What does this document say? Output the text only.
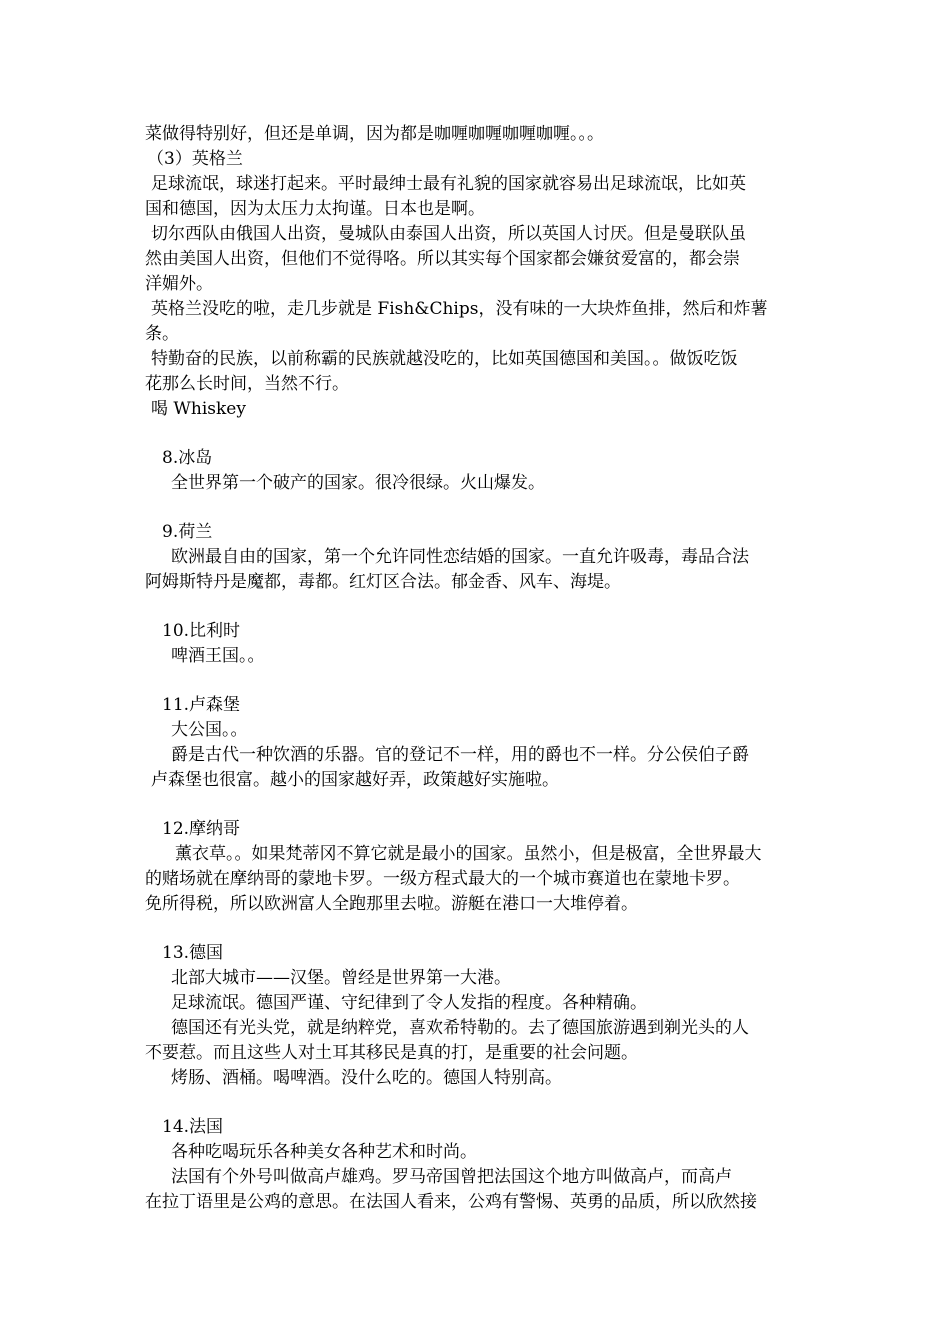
菜做得特别好，但还是单调，因为都是咖喱咖喱咖喱咖喱。。。
（3）英格兰
足球流氓，球迷打起来。平时最绅士最有礼貌的国家就容易出足球流氓，比如英
国和德国，因为太压力太拘谨。日本也是啊。
切尔西队由俄国人出资，曼城队由泰国人出资，所以英国人讨厌。但是曼联队虽
然由美国人出资，但他们不觉得咯。所以其实每个国家都会嫌贫爱富的，都会崇
洋媚外。
英格兰没吃的啦，走几步就是 Fish&Chips，没有味的一大块炸鱼排，然后和炸薯
条。
特勤奋的民族，以前称霸的民族就越没吃的，比如英国德国和美国。。做饭吃饭
花那么长时间，当然不行。
喝 Whiskey
8.冰岛
全世界第一个破产的国家。很冷很绿。火山爆发。
9.荷兰
欧洲最自由的国家，第一个允许同性恋结婚的国家。一直允许吸毒，毒品合法
阿姆斯特丹是魔都，毒都。红灯区合法。郁金香、风车、海堤。
10.比利时
啤酒王国。。
11.卢森堡
大公国。。
爵是古代一种饮酒的乐器。官的登记不一样，用的爵也不一样。分公侯伯子爵
卢森堡也很富。越小的国家越好弄，政策越好实施啦。
12.摩纳哥
薰衣草。。如果梵蒂冈不算它就是最小的国家。虽然小，但是极富，全世界最大
的赌场就在摩纳哥的蒙地卡罗。一级方程式最大的一个城市赛道也在蒙地卡罗。
免所得税，所以欧洲富人全跑那里去啦。游艇在港口一大堆停着。
13.德国
北部大城市——汉堡。曾经是世界第一大港。
足球流氓。德国严谨、守纪律到了令人发指的程度。各种精确。
德国还有光头党，就是纳粹党，喜欢希特勒的。去了德国旅游遇到剃光头的人
不要惹。而且这些人对土耳其移民是真的打，是重要的社会问题。
烤肠、酒桶。喝啤酒。没什么吃的。德国人特别高。
14.法国
各种吃喝玩乐各种美女各种艺术和时尚。
法国有个外号叫做高卢雄鸡。罗马帝国曾把法国这个地方叫做高卢，而高卢
在拉丁语里是公鸡的意思。在法国人看来，公鸡有警惕、英勇的品质，所以欣然接
